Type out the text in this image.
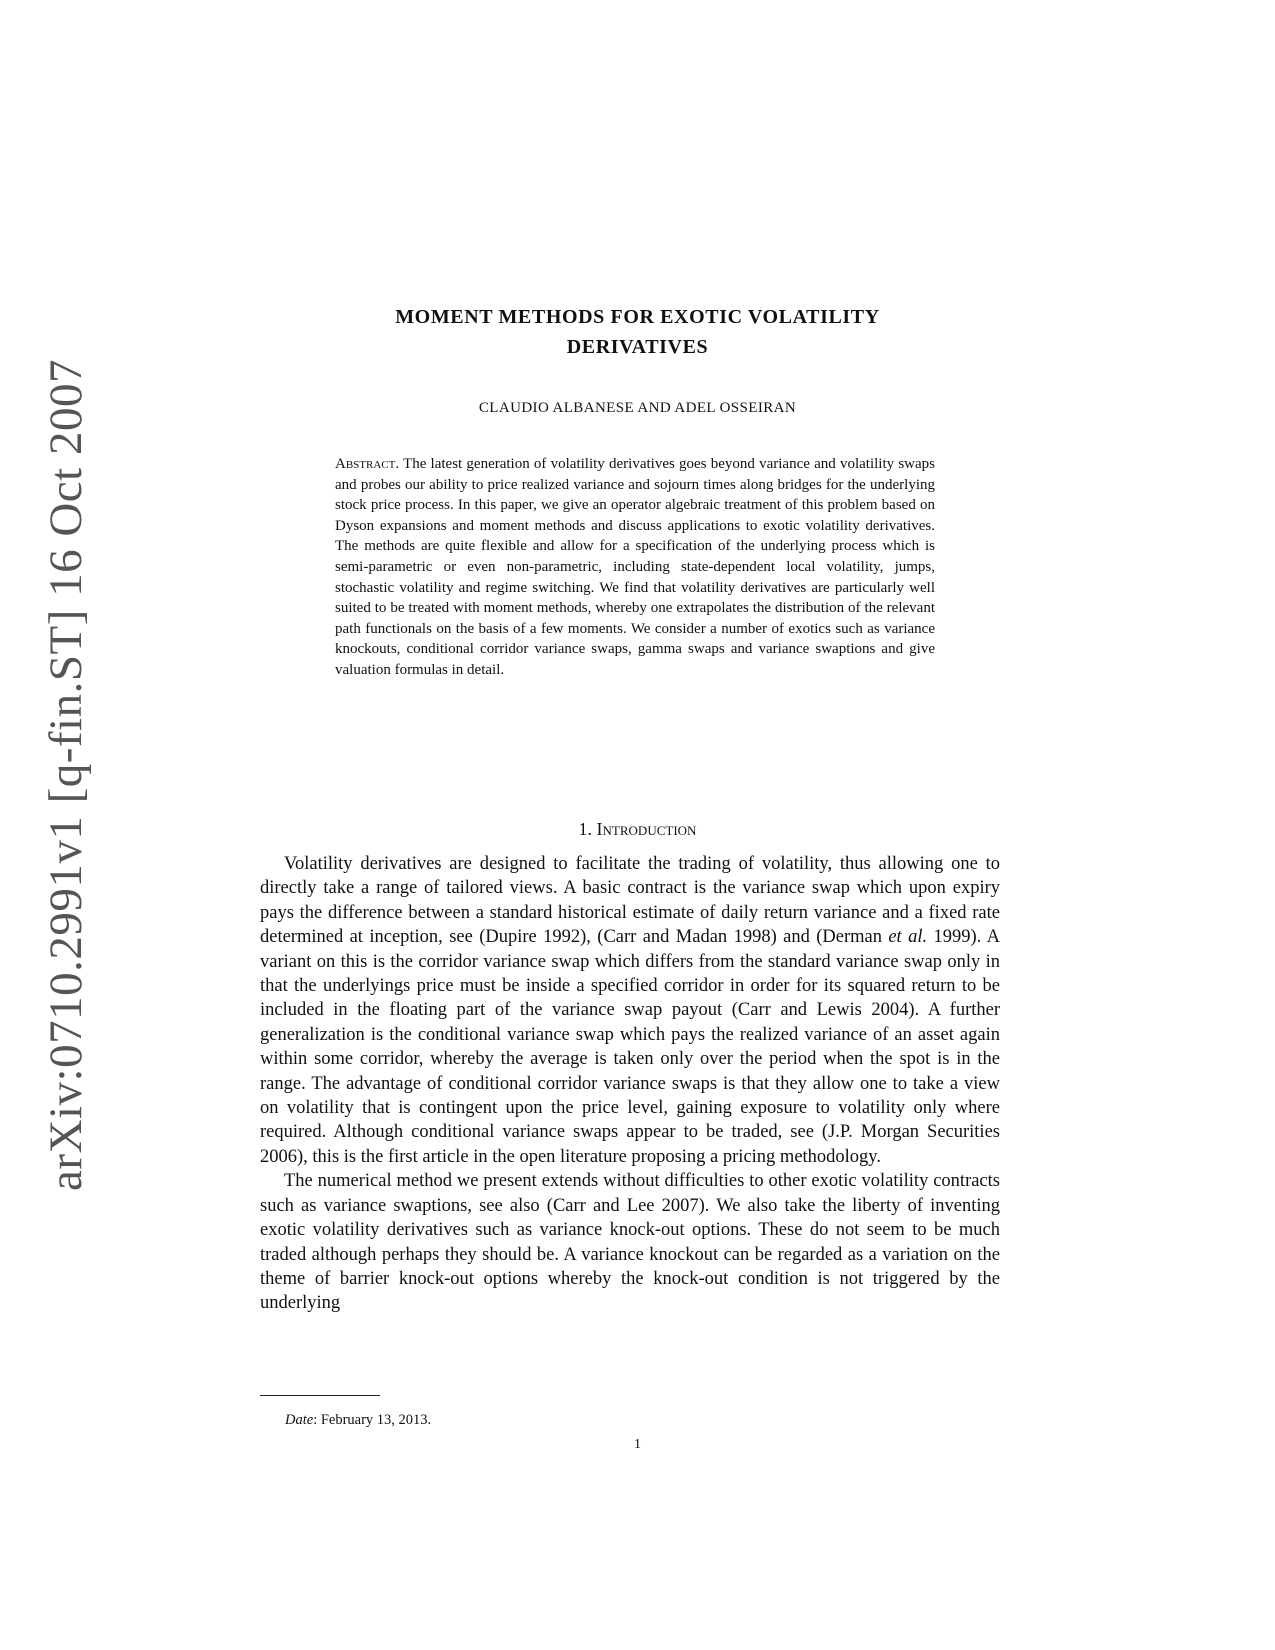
arXiv:0710.2991v1 [q-fin.ST] 16 Oct 2007
MOMENT METHODS FOR EXOTIC VOLATILITY
DERIVATIVES
CLAUDIO ALBANESE AND ADEL OSSEIRAN
Abstract. The latest generation of volatility derivatives goes beyond variance and volatility swaps and probes our ability to price realized variance and sojourn times along bridges for the underlying stock price process. In this paper, we give an operator algebraic treatment of this problem based on Dyson expansions and moment methods and discuss applications to exotic volatility derivatives. The methods are quite flexible and allow for a specification of the underlying process which is semi-parametric or even non-parametric, including state-dependent local volatility, jumps, stochastic volatility and regime switching. We find that volatility derivatives are particularly well suited to be treated with moment methods, whereby one extrapolates the distribution of the relevant path functionals on the basis of a few moments. We consider a number of exotics such as variance knockouts, conditional corridor variance swaps, gamma swaps and variance swaptions and give valuation formulas in detail.
1. Introduction

Volatility derivatives are designed to facilitate the trading of volatility, thus allowing one to directly take a range of tailored views. A basic contract is the variance swap which upon expiry pays the difference between a standard historical estimate of daily return variance and a fixed rate determined at inception, see (Dupire 1992), (Carr and Madan 1998) and (Derman et al. 1999). A variant on this is the corridor variance swap which differs from the standard variance swap only in that the underlyings price must be inside a specified corridor in order for its squared return to be included in the floating part of the variance swap payout (Carr and Lewis 2004). A further generalization is the conditional variance swap which pays the realized variance of an asset again within some corridor, whereby the average is taken only over the period when the spot is in the range. The advantage of conditional corridor variance swaps is that they allow one to take a view on volatility that is contingent upon the price level, gaining exposure to volatility only where required. Although conditional variance swaps appear to be traded, see (J.P. Morgan Securities 2006), this is the first article in the open literature proposing a pricing methodology.

The numerical method we present extends without difficulties to other exotic volatility contracts such as variance swaptions, see also (Carr and Lee 2007). We also take the liberty of inventing exotic volatility derivatives such as variance knock-out options. These do not seem to be much traded although perhaps they should be. A variance knockout can be regarded as a variation on the theme of barrier knock-out options whereby the knock-out condition is not triggered by the underlying

Date: February 13, 2013.
1
